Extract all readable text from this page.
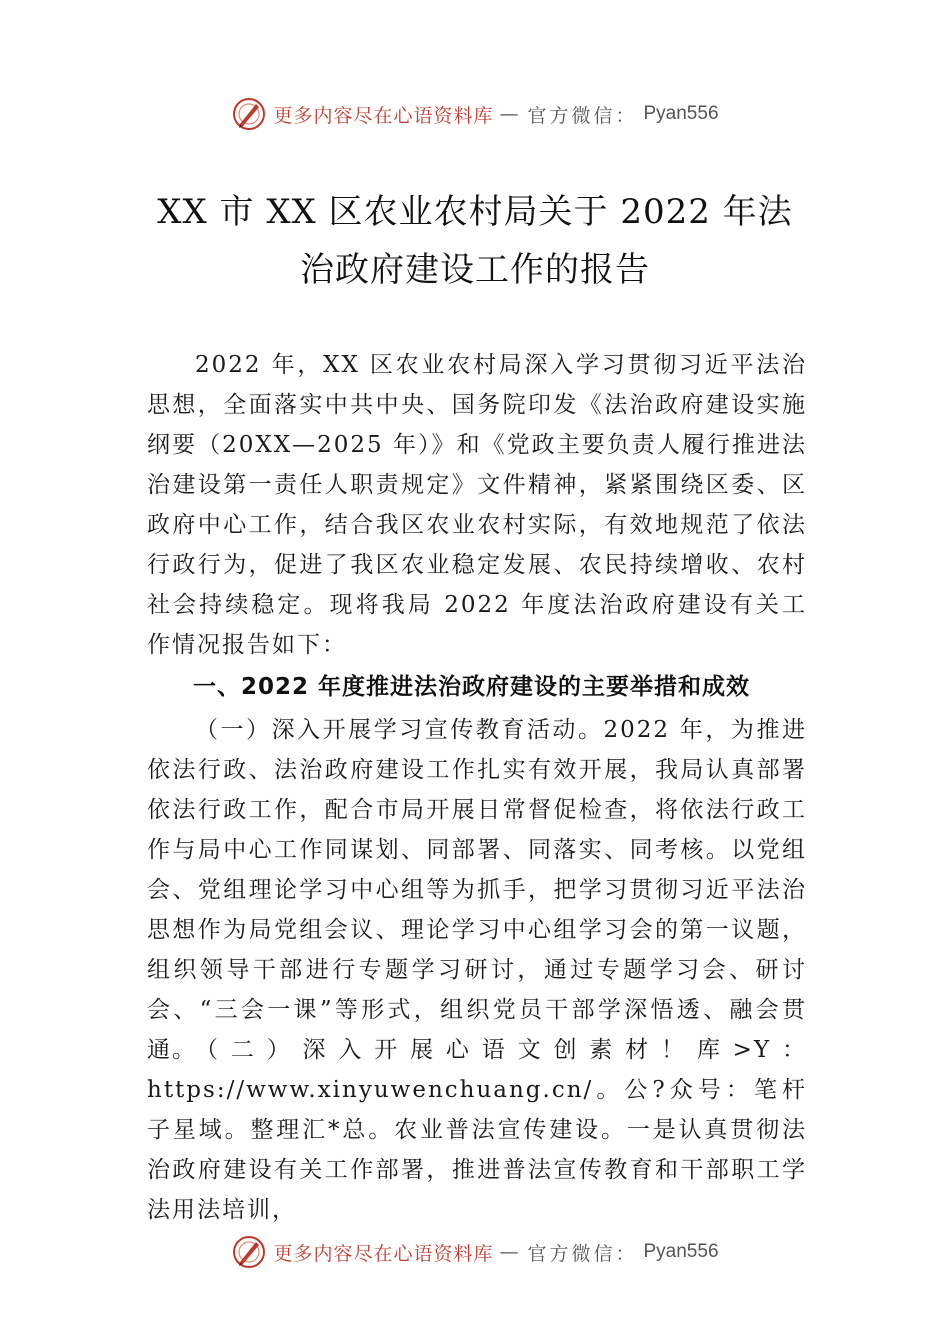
更多内容尽在心语资料库 — 官方微信： Pyan556
XX 市 XX 区农业农村局关于 2022 年法
治政府建设工作的报告
2022 年，XX 区农业农村局深入学习贯彻习近平法治思想，全面落实中共中央、国务院印发《法治政府建设实施纲要（20XX—2025 年）》和《党政主要负责人履行推进法治建设第一责任人职责规定》文件精神，紧紧围绕区委、区政府中心工作，结合我区农业农村实际，有效地规范了依法行政行为，促进了我区农业稳定发展、农民持续增收、农村社会持续稳定。现将我局 2022 年度法治政府建设有关工作情况报告如下：
一、2022 年度推进法治政府建设的主要举措和成效
（一）深入开展学习宣传教育活动。2022 年，为推进依法行政、法治政府建设工作扎实有效开展，我局认真部署依法行政工作，配合市局开展日常督促检查，将依法行政工作与局中心工作同谋划、同部署、同落实、同考核。以党组会、党组理论学习中心组等为抓手，把学习贯彻习近平法治思想作为局党组会议、理论学习中心组学习会的第一议题，组织领导干部进行专题学习研讨，通过专题学习会、研讨会、“三会一课”等形式，组织党员干部学深悟透、融会贯通。
（二）深入开展心语文创素材！库>Y：https://www.xinyuwenchuang.cn/。公?众号：笔杆子星域。整理汇*总。农业普法宣传建设。一是认真贯彻法治政府建设有关工作部署，推进普法宣传教育和干部职工学法用法培训，
更多内容尽在心语资料库 — 官方微信： Pyan556
